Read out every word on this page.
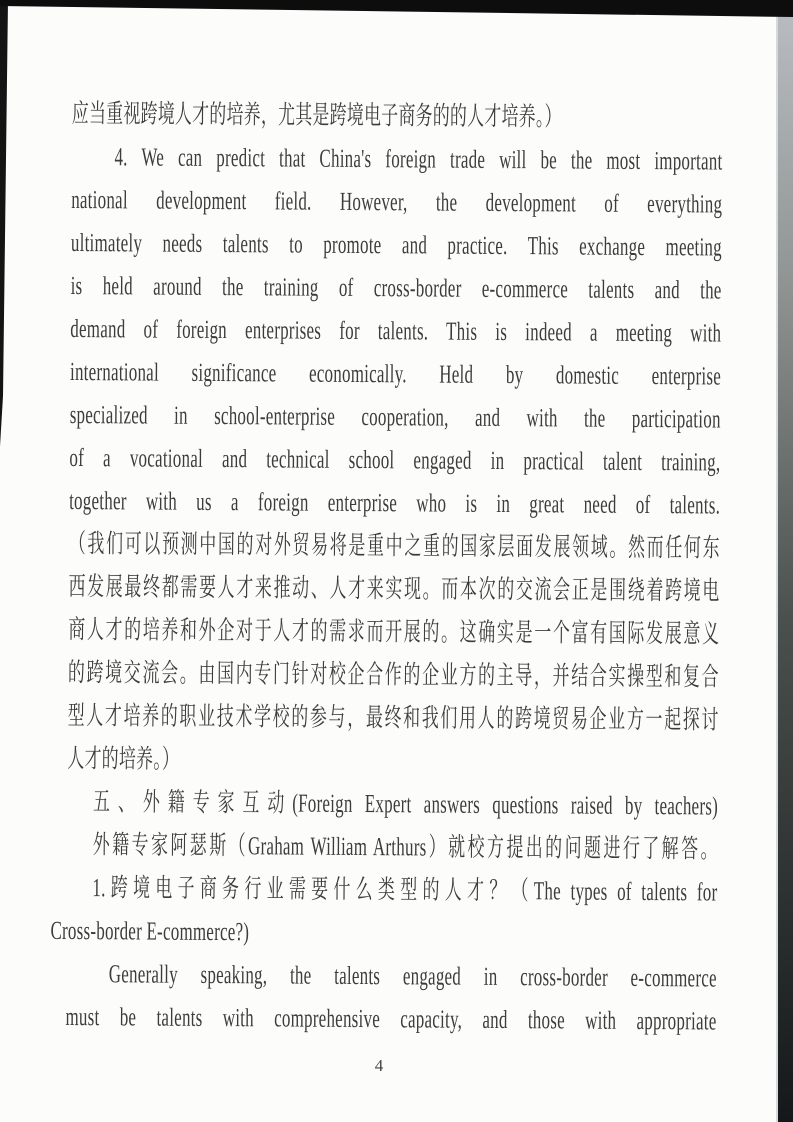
应当重视跨境人才的培养，尤其是跨境电子商务的的人才培养。）
4. We can predict that China's foreign trade will be the most important
national development field. However, the development of everything
ultimately needs talents to promote and practice. This exchange meeting
is held around the training of cross-border e-commerce talents and the
demand of foreign enterprises for talents. This is indeed a meeting with
international significance economically. Held by domestic enterprise
specialized in school-enterprise cooperation, and with the participation
of a vocational and technical school engaged in practical talent training,
together with us a foreign enterprise who is in great need of talents.
（我们可以预测中国的对外贸易将是重中之重的国家层面发展领域。然而任何东
西发展最终都需要人才来推动、人才来实现。而本次的交流会正是围绕着跨境电
商人才的培养和外企对于人才的需求而开展的。这确实是一个富有国际发展意义
的跨境交流会。由国内专门针对校企合作的企业方的主导，并结合实操型和复合
型人才培养的职业技术学校的参与，最终和我们用人的跨境贸易企业方一起探讨
人才的培养。）
五、外籍专家互动(Foreign Expert answers questions raised by teachers)
外籍专家阿瑟斯（Graham William Arthurs）就校方提出的问题进行了解答。
1.跨境电子商务行业需要什么类型的人才？（The types of talents for
Cross-border E-commerce?)
Generally speaking, the talents engaged in cross-border e-commerce
must be talents with comprehensive capacity, and those with appropriate
4
